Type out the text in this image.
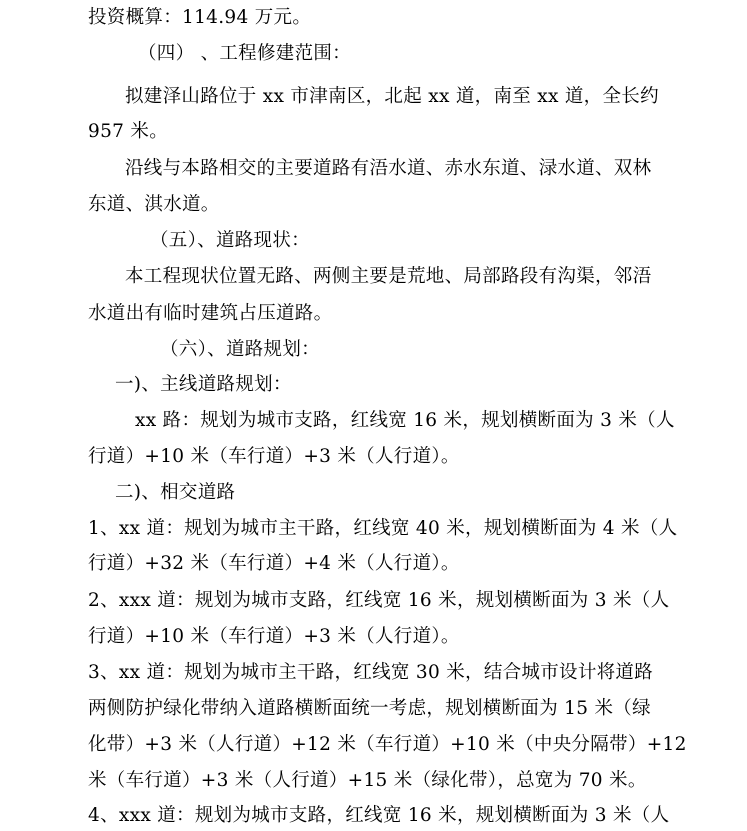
投资概算：114.94 万元。

（四） 、工程修建范围：

拟建泽山路位于 xx 市津南区，北起 xx 道，南至 xx 道，全长约

957 米。

沿线与本路相交的主要道路有浯水道、赤水东道、渌水道、双林

东道、淇水道。

（五）、道路现状：

本工程现状位置无路、两侧主要是荒地、局部路段有沟渠，邻浯

水道出有临时建筑占压道路。

（六）、道路规划：

一)、主线道路规划：

xx 路：规划为城市支路，红线宽 16 米，规划横断面为 3 米（人

行道）+10 米（车行道）+3 米（人行道）。

二)、相交道路

1、xx 道：规划为城市主干路，红线宽 40 米，规划横断面为 4 米（人

行道）+32 米（车行道）+4 米（人行道）。

2、xxx 道：规划为城市支路，红线宽 16 米，规划横断面为 3 米（人

行道）+10 米（车行道）+3 米（人行道）。

3、xx 道：规划为城市主干路，红线宽 30 米，结合城市设计将道路

两侧防护绿化带纳入道路横断面统一考虑，规划横断面为 15 米（绿

化带）+3 米（人行道）+12 米（车行道）+10 米（中央分隔带）+12

米（车行道）+3 米（人行道）+15 米（绿化带），总宽为 70 米。

4、xxx 道：规划为城市支路，红线宽 16 米，规划横断面为 3 米（人
